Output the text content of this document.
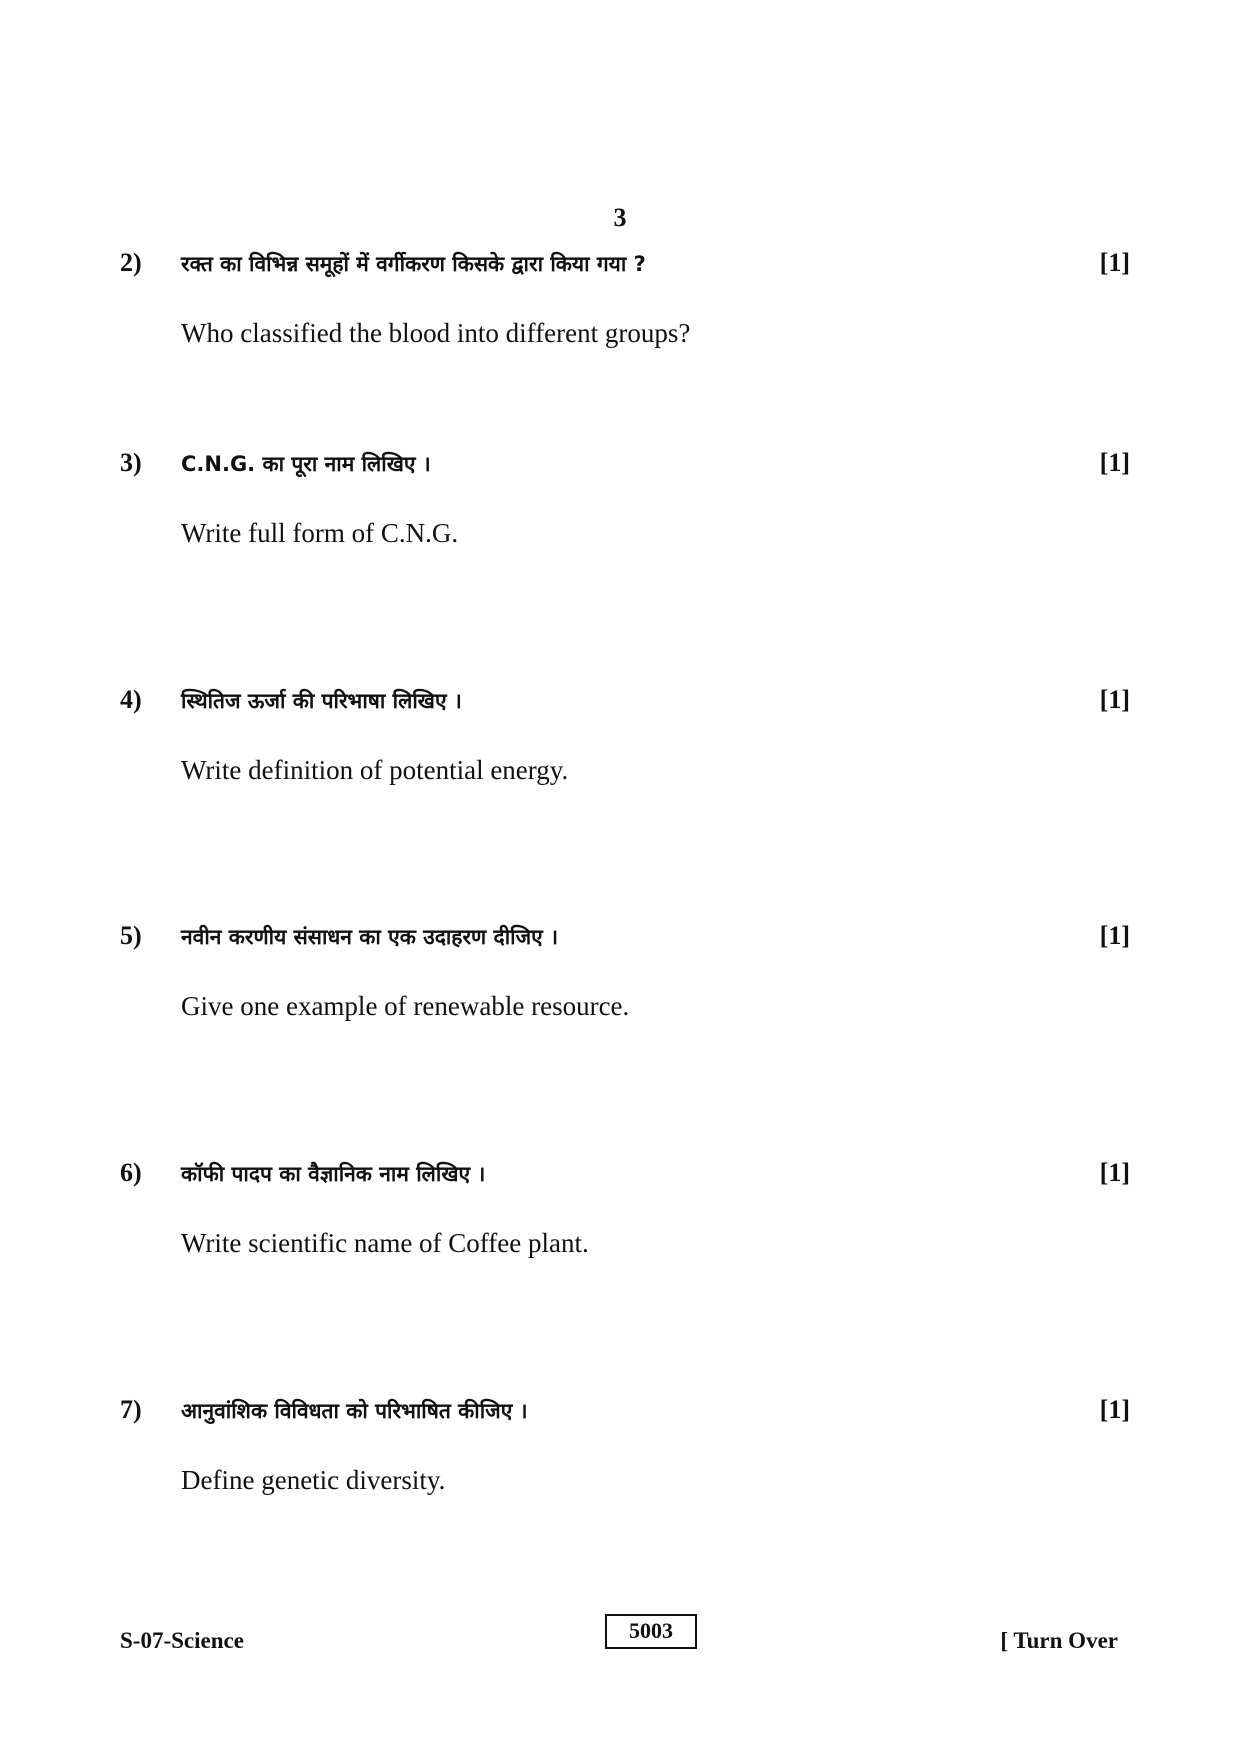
3
2) रक्त का विभिन्न समूहों में वर्गीकरण किसके द्वारा किया गया ?	[1]
Who classified the blood into different groups?
3) C.N.G. का पूरा नाम लिखिए ।	[1]
Write full form of C.N.G.
4) स्थितिज ऊर्जा की परिभाषा लिखिए ।	[1]
Write definition of potential energy.
5) नवीन करणीय संसाधन का एक उदाहरण दीजिए ।	[1]
Give one example of renewable resource.
6) कॉफी पादप का वैज्ञानिक नाम लिखिए ।	[1]
Write scientific name of Coffee plant.
7) आनुवांशिक विविधता को परिभाषित कीजिए ।	[1]
Define genetic diversity.
S-07-Science	5003	[ Turn Over
